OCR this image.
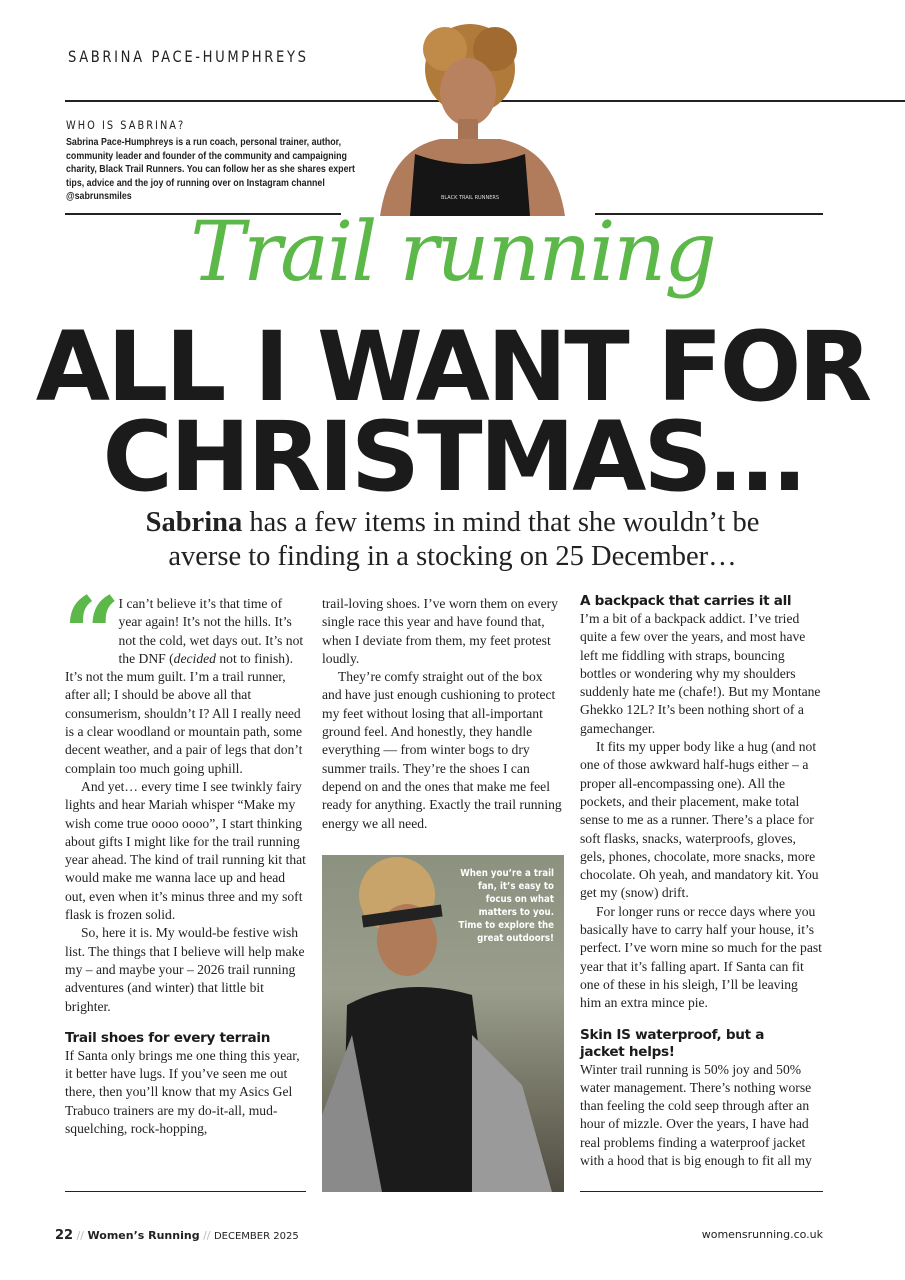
SABRINA PACE-HUMPHREYS
WHO IS SABRINA?
Sabrina Pace-Humphreys is a run coach, personal trainer, author, community leader and founder of the community and campaigning charity, Black Trail Runners. You can follow her as she shares expert tips, advice and the joy of running over on Instagram channel @sabrunsmiles	BLACK TRAIL RUNNERS
Trail running
ALL I WANT FOR
CHRISTMAS…
Sabrina has a few items in mind that she wouldn’t be averse to finding in a stocking on 25 December…

“ I can’t believe it’s that time of year again! It’s not the hills. It’s not the cold, wet days out. It’s not the DNF (decided not to finish). It’s not the mum guilt. I’m a trail runner, after all; I should be above all that consumerism, shouldn’t I? All I really need is a clear woodland or mountain path, some decent weather, and a pair of legs that don’t complain too much going uphill.

And yet… every time I see twinkly fairy lights and hear Mariah whisper “Make my wish come true oooo oooo”, I start thinking about gifts I might like for the trail running year ahead. The kind of trail running kit that would make me wanna lace up and head out, even when it’s minus three and my soft flask is frozen solid.

So, here it is. My would-be festive wish list. The things that I believe will help make my – and maybe your – 2026 trail running adventures (and winter) that little bit brighter.

Trail shoes for every terrain

If Santa only brings me one thing this year, it better have lugs. If you’ve seen me out there, then you’ll know that my Asics Gel Trabuco trainers are my do-it-all, mud-squelching, rock-hopping,

trail-loving shoes. I’ve worn them on every single race this year and have found that, when I deviate from them, my feet protest loudly.

They’re comfy straight out of the box and have just enough cushioning to protect my feet without losing that all-important ground feel. And honestly, they handle everything — from winter bogs to dry summer trails. They’re the shoes I can depend on and the ones that make me feel ready for anything. Exactly the trail running energy we all need.

When you’re a trail fan, it’s easy to focus on what matters to you. Time to explore the great outdoors!
A backpack that carries it all

I’m a bit of a backpack addict. I’ve tried quite a few over the years, and most have left me fiddling with straps, bouncing bottles or wondering why my shoulders suddenly hate me (chafe!). But my Montane Ghekko 12L? It’s been nothing short of a gamechanger.

It fits my upper body like a hug (and not one of those awkward half-hugs either – a proper all-encompassing one). All the pockets, and their placement, make total sense to me as a runner. There’s a place for soft flasks, snacks, waterproofs, gloves, gels, phones, chocolate, more snacks, more chocolate. Oh yeah, and mandatory kit. You get my (snow) drift.

For longer runs or recce days where you basically have to carry half your house, it’s perfect. I’ve worn mine so much for the past year that it’s falling apart. If Santa can fit one of these in his sleigh, I’ll be leaving him an extra mince pie.

Skin IS waterproof, but a jacket helps!

Winter trail running is 50% joy and 50% water management. There’s nothing worse than feeling the cold seep through after an hour of mizzle. Over the years, I have had real problems finding a waterproof jacket with a hood that is big enough to fit all my

22 // Women’s Running // DECEMBER 2025	womensrunning.co.uk
